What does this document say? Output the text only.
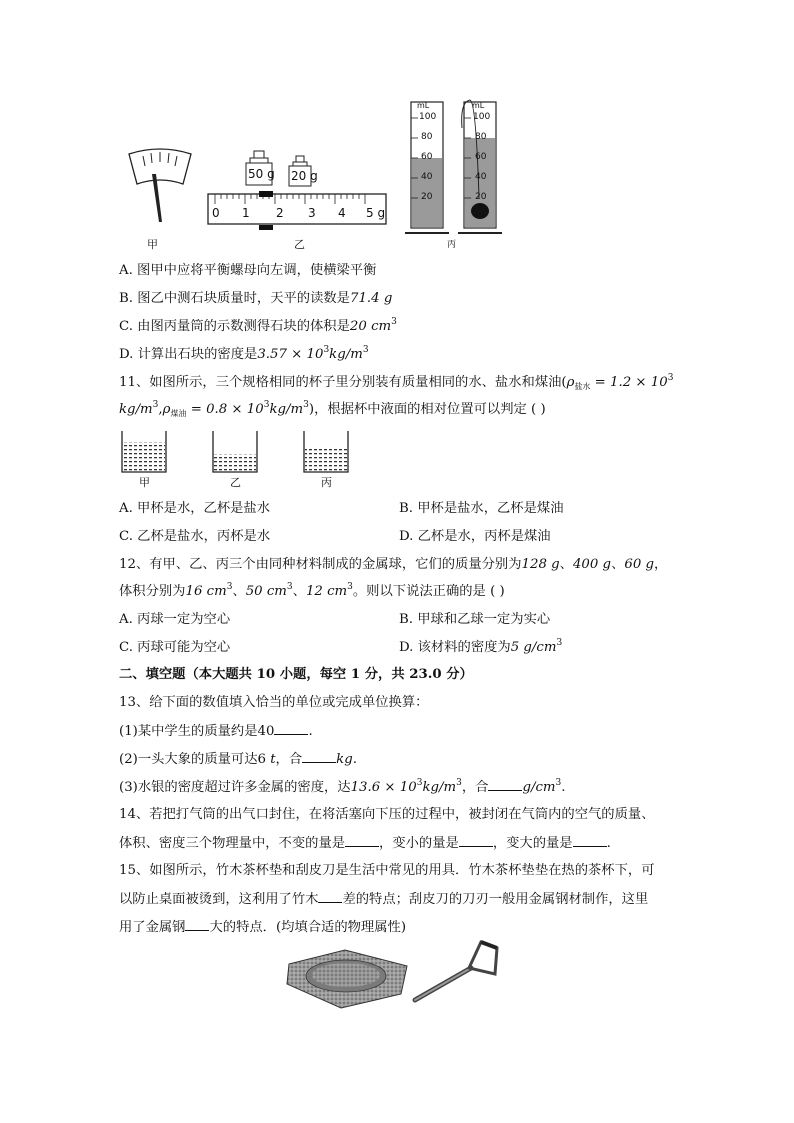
甲
0 1 2 3 4 5 g
50 g 20 g
乙
mL
100
80
60
40
20
mL
100
80
60
40
20
丙
A. 图甲中应将平衡螺母向左调，使横梁平衡
B. 图乙中测石块质量时，天平的读数是71.4 g
C. 由图丙量筒的示数测得石块的体积是20 $cm^3$
D. 计算出石块的密度是$3.57 \times 10^3kg/m^3$
11、如图所示，三个规格相同的杯子里分别装有质量相同的水、盐水和煤油($\rho_{盐水} = 1.2 \times 10^3$
$kg/m^3,\rho_{煤油} = 0.8 \times 10^3kg/m^3$)，根据杯中液面的相对位置可以判定 ( )
甲	乙	丙
A. 甲杯是水，乙杯是盐水	B. 甲杯是盐水，乙杯是煤油
C. 乙杯是盐水，丙杯是水	D. 乙杯是水，丙杯是煤油
12、有甲、乙、丙三个由同种材料制成的金属球，它们的质量分别为128 g、400 g、60 g，
体积分别为16 $cm^3$、50 $cm^3$、12 $cm^3$。则以下说法正确的是 ( )
A. 丙球一定为空心	B. 甲球和乙球一定为实心
C. 丙球可能为空心	D. 该材料的密度为5 $g/cm^3$
二、填空题（本大题共 10 小题，每空 1 分，共 23.0 分）
13、给下面的数值填入恰当的单位或完成单位换算：
(1)某中学生的质量约是40	.
(2)一头大象的质量可达6 t，合	kg.
(3)水银的密度超过许多金属的密度，达$13.6 \times 10^3kg/m^3$，合	$g/cm^3$.
14、若把打气筒的出气口封住，在将活塞向下压的过程中，被封闭在气筒内的空气的质量、
体积、密度三个物理量中，不变的量是	，变小的量是	，变大的量是	.
15、如图所示，竹木茶杯垫和刮皮刀是生活中常见的用具．竹木茶杯垫垫在热的茶杯下，可
以防止桌面被烫到，这利用了竹木 差的特点；刮皮刀的刀刃一般用金属钢材制作，这里
用了金属钢 大的特点．(均填合适的物理属性)
